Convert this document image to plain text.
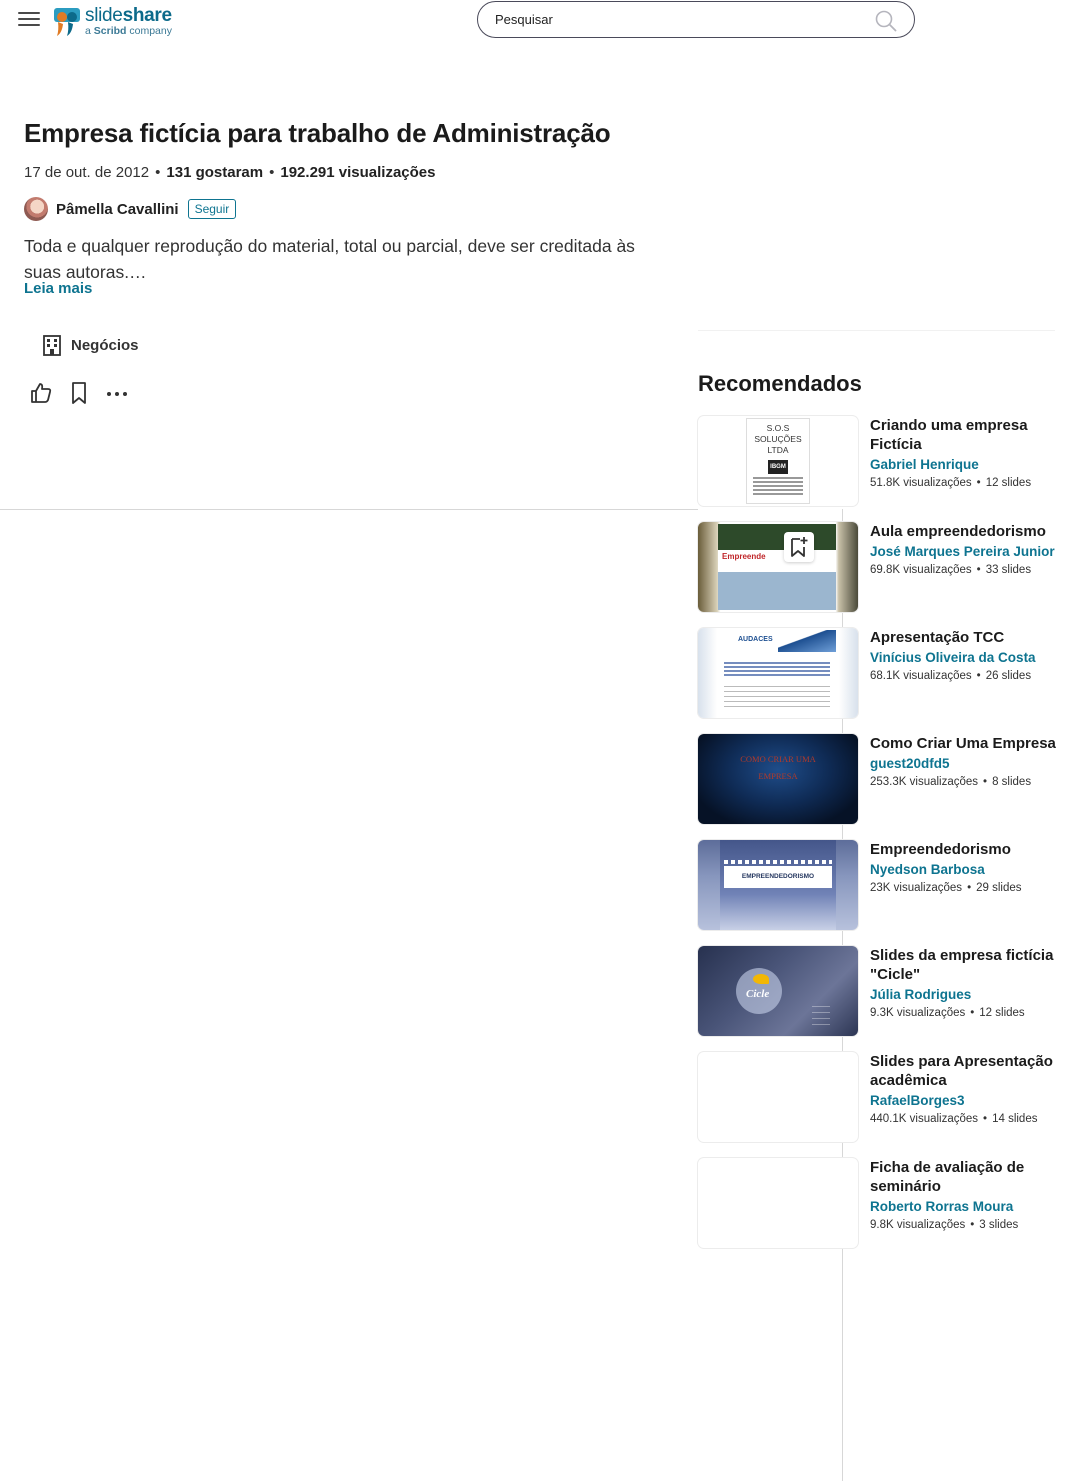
slideshare
a Scribd company
Pesquisar
Empresa fictícia para trabalho de Administração
17 de out. de 2012 • 131 gostaram • 192.291 visualizações
Pâmella Cavallini	Seguir
Toda e qualquer reprodução do material, total ou parcial, deve ser creditada às suas autoras.…
Leia mais
Negócios
Recomendados
S.O.S
SOLUÇÕES
LTDA
IBGM
Criando uma empresa Fictícia
Gabriel Henrique
51.8K visualizações • 12 slides
Empreende
Aula empreendedorismo
José Marques Pereira Junior
69.8K visualizações • 33 slides
AUDACES	Apresentação TCC
Vinícius Oliveira da Costa
68.1K visualizações • 26 slides
COMO CRIAR UMA
EMPRESA
Como Criar Uma Empresa
guest20dfd5
253.3K visualizações • 8 slides
EMPREENDEDORISMO
Empreendedorismo
Nyedson Barbosa
23K visualizações • 29 slides
Cicle
————
————
————
————
Slides da empresa fictícia "Cicle"
Júlia Rodrigues
9.3K visualizações • 12 slides
Slides para Apresentação acadêmica
RafaelBorges3
440.1K visualizações • 14 slides
Ficha de avaliação de seminário
Roberto Rorras Moura
9.8K visualizações • 3 slides
